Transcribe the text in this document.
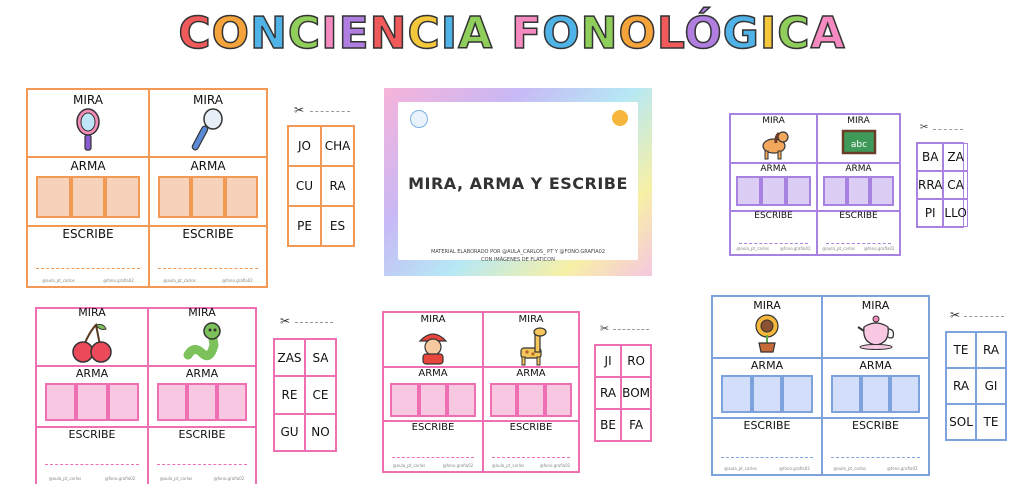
CONCIENCIA FONOLÓGICA
MIRA
ARMA
ESCRIBE
@aula_pt_carlos	@fono.grafia02
MIRA
ARMA
ESCRIBE
@aula_pt_carlos	@fono.grafia02
✂
JO	CHA
CU	RA
PE	ES
MIRA, ARMA Y ESCRIBE
MATERIAL ELABORADO POR @AULA_CARLOS_ PT Y @FONO.GRAFIA02
CON IMÁGENES DE FLATICON
MIRA
ARMA
ESCRIBE
@aula_pt_carlos	@fono.grafia02
MIRA
abc
ARMA
ESCRIBE
@aula_pt_carlos @fono.grafia02
✂
BA ZA
RRA CA
PI LLO
MIRA
ARMA
ESCRIBE
@aula_pt_carlos	@fono.grafia02
MIRA
ARMA
ESCRIBE
@aula_pt_carlos	@fono.grafia02
✂
ZAS SA
RE	CE
GU	NO
MIRA
ARMA
ESCRIBE
@aula_pt_carlos	@fono.grafia02
MIRA
ARMA
ESCRIBE
@aula_pt_carlos	@fono.grafia02
✂
JI	RO
RA BOM
BE	FA
MIRA
ARMA
ESCRIBE
@aula_pt_carlos	@fono.grafia02
MIRA
ARMA
ESCRIBE
@aula_pt_carlos	@fono.grafia02
✂
TE	RA
RA	GI
SOL TE
